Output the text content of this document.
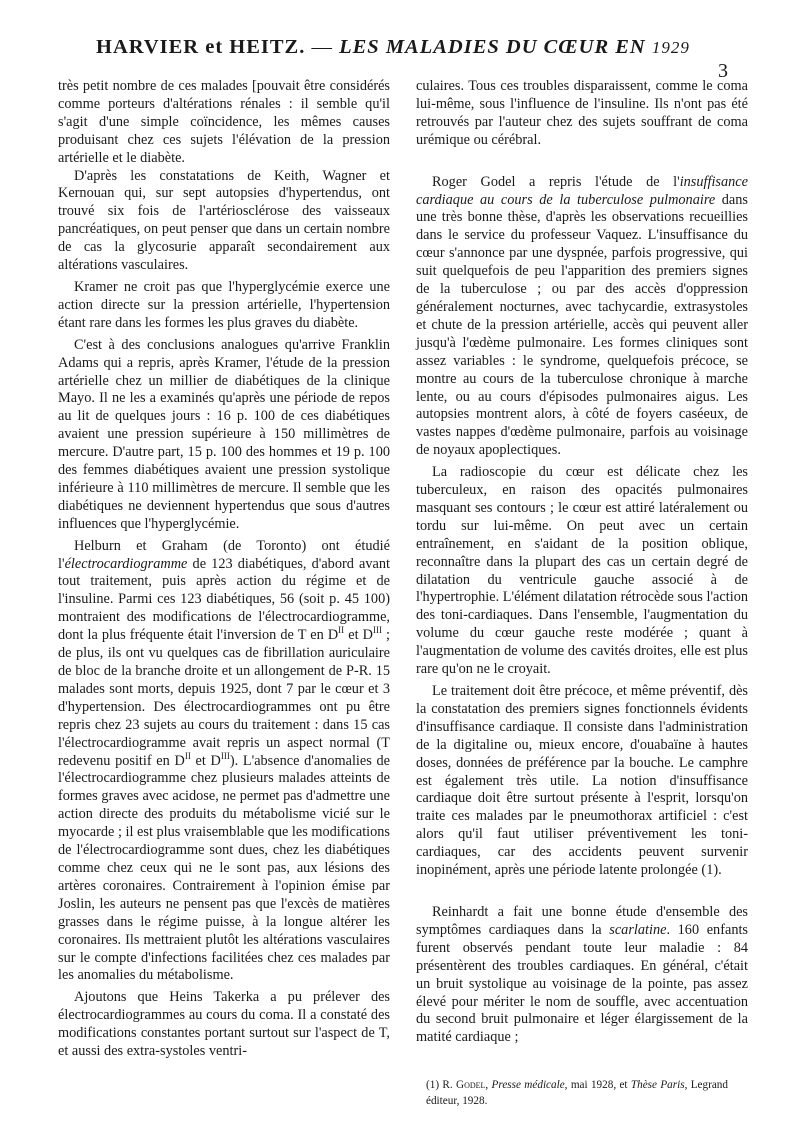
HARVIER et HEITZ. — LES MALADIES DU CŒUR EN 1929
3

très petit nombre de ces malades [pouvait être considérés comme porteurs d'altérations rénales : il semble qu'il s'agit d'une simple coïncidence, les mêmes causes produisant chez ces sujets l'élévation de la pression artérielle et le diabète.

D'après les constatations de Keith, Wagner et Kernouan qui, sur sept autopsies d'hypertendus, ont trouvé six fois de l'artériosclérose des vaisseaux pancréatiques, on peut penser que dans un certain nombre de cas la glycosurie apparaît secondairement aux altérations vasculaires.

Kramer ne croit pas que l'hyperglycémie exerce une action directe sur la pression artérielle, l'hypertension étant rare dans les formes les plus graves du diabète.

C'est à des conclusions analogues qu'arrive Franklin Adams qui a repris, après Kramer, l'étude de la pression artérielle chez un millier de diabétiques de la clinique Mayo. Il ne les a examinés qu'après une période de repos au lit de quelques jours : 16 p. 100 de ces diabétiques avaient une pression supérieure à 150 millimètres de mercure. D'autre part, 15 p. 100 des hommes et 19 p. 100 des femmes diabétiques avaient une pression systolique inférieure à 110 millimètres de mercure. Il semble que les diabétiques ne deviennent hypertendus que sous d'autres influences que l'hyperglycémie.

Helburn et Graham (de Toronto) ont étudié l'électrocardiogramme de 123 diabétiques, d'abord avant tout traitement, puis après action du régime et de l'insuline. Parmi ces 123 diabétiques, 56 (soit p. 45 100) montraient des modifications de l'électrocardiogramme, dont la plus fréquente était l'inversion de T en $D^{II}$ et $D^{III}$ ; de plus, ils ont vu quelques cas de fibrillation auriculaire de bloc de la branche droite et un allongement de P-R. 15 malades sont morts, depuis 1925, dont 7 par le cœur et 3 d'hypertension. Des électrocardiogrammes ont pu être repris chez 23 sujets au cours du traitement : dans 15 cas l'électrocardiogramme avait repris un aspect normal (T redevenu positif en $D^{II}$ et $D^{III}$). L'absence d'anomalies de l'électrocardiogramme chez plusieurs malades atteints de formes graves avec acidose, ne permet pas d'admettre une action directe des produits du métabolisme vicié sur le myocarde ; il est plus vraisemblable que les modifications de l'électrocardiogramme sont dues, chez les diabétiques comme chez ceux qui ne le sont pas, aux lésions des artères coronaires. Contrairement à l'opinion émise par Joslin, les auteurs ne pensent pas que l'excès de matières grasses dans le régime puisse, à la longue altérer les coronaires. Ils mettraient plutôt les altérations vasculaires sur le compte d'infections facilitées chez ces malades par les anomalies du métabolisme.

Ajoutons que Heins Takerka a pu prélever des électrocardiogrammes au cours du coma. Il a constaté des modifications constantes portant surtout sur l'aspect de T, et aussi des extra-systoles ventri-

culaires. Tous ces troubles disparaissent, comme le coma lui-même, sous l'influence de l'insuline. Ils n'ont pas été retrouvés par l'auteur chez des sujets souffrant de coma urémique ou cérébral.

Roger Godel a repris l'étude de l'insuffisance cardiaque au cours de la tuberculose pulmonaire dans une très bonne thèse, d'après les observations recueillies dans le service du professeur Vaquez. L'insuffisance du cœur s'annonce par une dyspnée, parfois progressive, qui suit quelquefois de peu l'apparition des premiers signes de la tuberculose ; ou par des accès d'oppression généralement nocturnes, avec tachycardie, extrasystoles et chute de la pression artérielle, accès qui peuvent aller jusqu'à l'œdème pulmonaire. Les formes cliniques sont assez variables : le syndrome, quelquefois précoce, se montre au cours de la tuberculose chronique à marche lente, ou au cours d'épisodes pulmonaires aigus. Les autopsies montrent alors, à côté de foyers caséeux, de vastes nappes d'œdème pulmonaire, parfois au voisinage de noyaux apoplectiques.

La radioscopie du cœur est délicate chez les tuberculeux, en raison des opacités pulmonaires masquant ses contours ; le cœur est attiré latéralement ou tordu sur lui-même. On peut avec un certain entraînement, en s'aidant de la position oblique, reconnaître dans la plupart des cas un certain degré de dilatation du ventricule gauche associé à de l'hypertrophie. L'élément dilatation rétrocède sous l'action des toni-cardiaques. Dans l'ensemble, l'augmentation du volume du cœur gauche reste modérée ; quant à l'augmentation de volume des cavités droites, elle est plus rare qu'on ne le croyait.

Le traitement doit être précoce, et même préventif, dès la constatation des premiers signes fonctionnels évidents d'insuffisance cardiaque. Il consiste dans l'administration de la digitaline ou, mieux encore, d'ouabaïne à hautes doses, données de préférence par la bouche. Le camphre est également très utile. La notion d'insuffisance cardiaque doit être surtout présente à l'esprit, lorsqu'on traite ces malades par le pneumothorax artificiel : c'est alors qu'il faut utiliser préventivement les toni-cardiaques, car des accidents peuvent survenir inopinément, après une période latente prolongée (1).

Reinhardt a fait une bonne étude d'ensemble des symptômes cardiaques dans la scarlatine. 160 enfants furent observés pendant toute leur maladie : 84 présentèrent des troubles cardiaques. En général, c'était un bruit systolique au voisinage de la pointe, pas assez élevé pour mériter le nom de souffle, avec accentuation du second bruit pulmonaire et léger élargissement de la matité cardiaque ;

(1) R. Godel, Presse médicale, mai 1928, et Thèse Paris, Legrand éditeur, 1928.
